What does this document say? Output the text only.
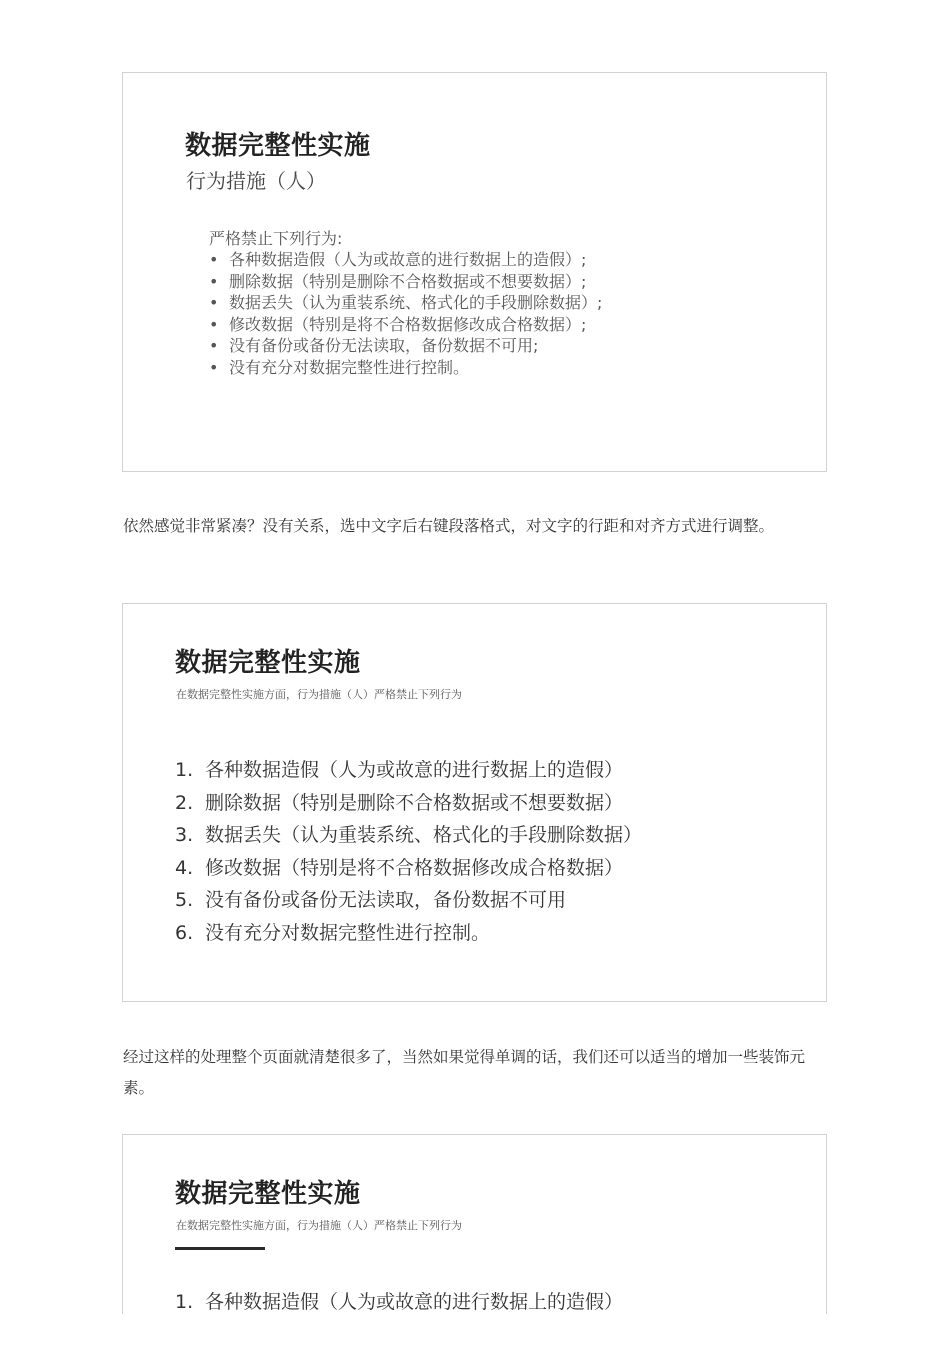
数据完整性实施
行为措施（人）
严格禁止下列行为:
• 各种数据造假（人为或故意的进行数据上的造假）;
• 删除数据（特别是删除不合格数据或不想要数据）;
• 数据丢失（认为重装系统、格式化的手段删除数据）;
• 修改数据（特别是将不合格数据修改成合格数据）;
• 没有备份或备份无法读取，备份数据不可用;
• 没有充分对数据完整性进行控制。

依然感觉非常紧凑？没有关系，选中文字后右键段落格式，对文字的行距和对齐方式进行调整。

数据完整性实施
在数据完整性实施方面，行为措施（人）严格禁止下列行为
1. 各种数据造假（人为或故意的进行数据上的造假）
2. 删除数据（特别是删除不合格数据或不想要数据）
3. 数据丢失（认为重装系统、格式化的手段删除数据）
4. 修改数据（特别是将不合格数据修改成合格数据）
5. 没有备份或备份无法读取，备份数据不可用
6. 没有充分对数据完整性进行控制。

经过这样的处理整个页面就清楚很多了，当然如果觉得单调的话，我们还可以适当的增加一些装饰元素。

数据完整性实施
在数据完整性实施方面，行为措施（人）严格禁止下列行为
1. 各种数据造假（人为或故意的进行数据上的造假）
